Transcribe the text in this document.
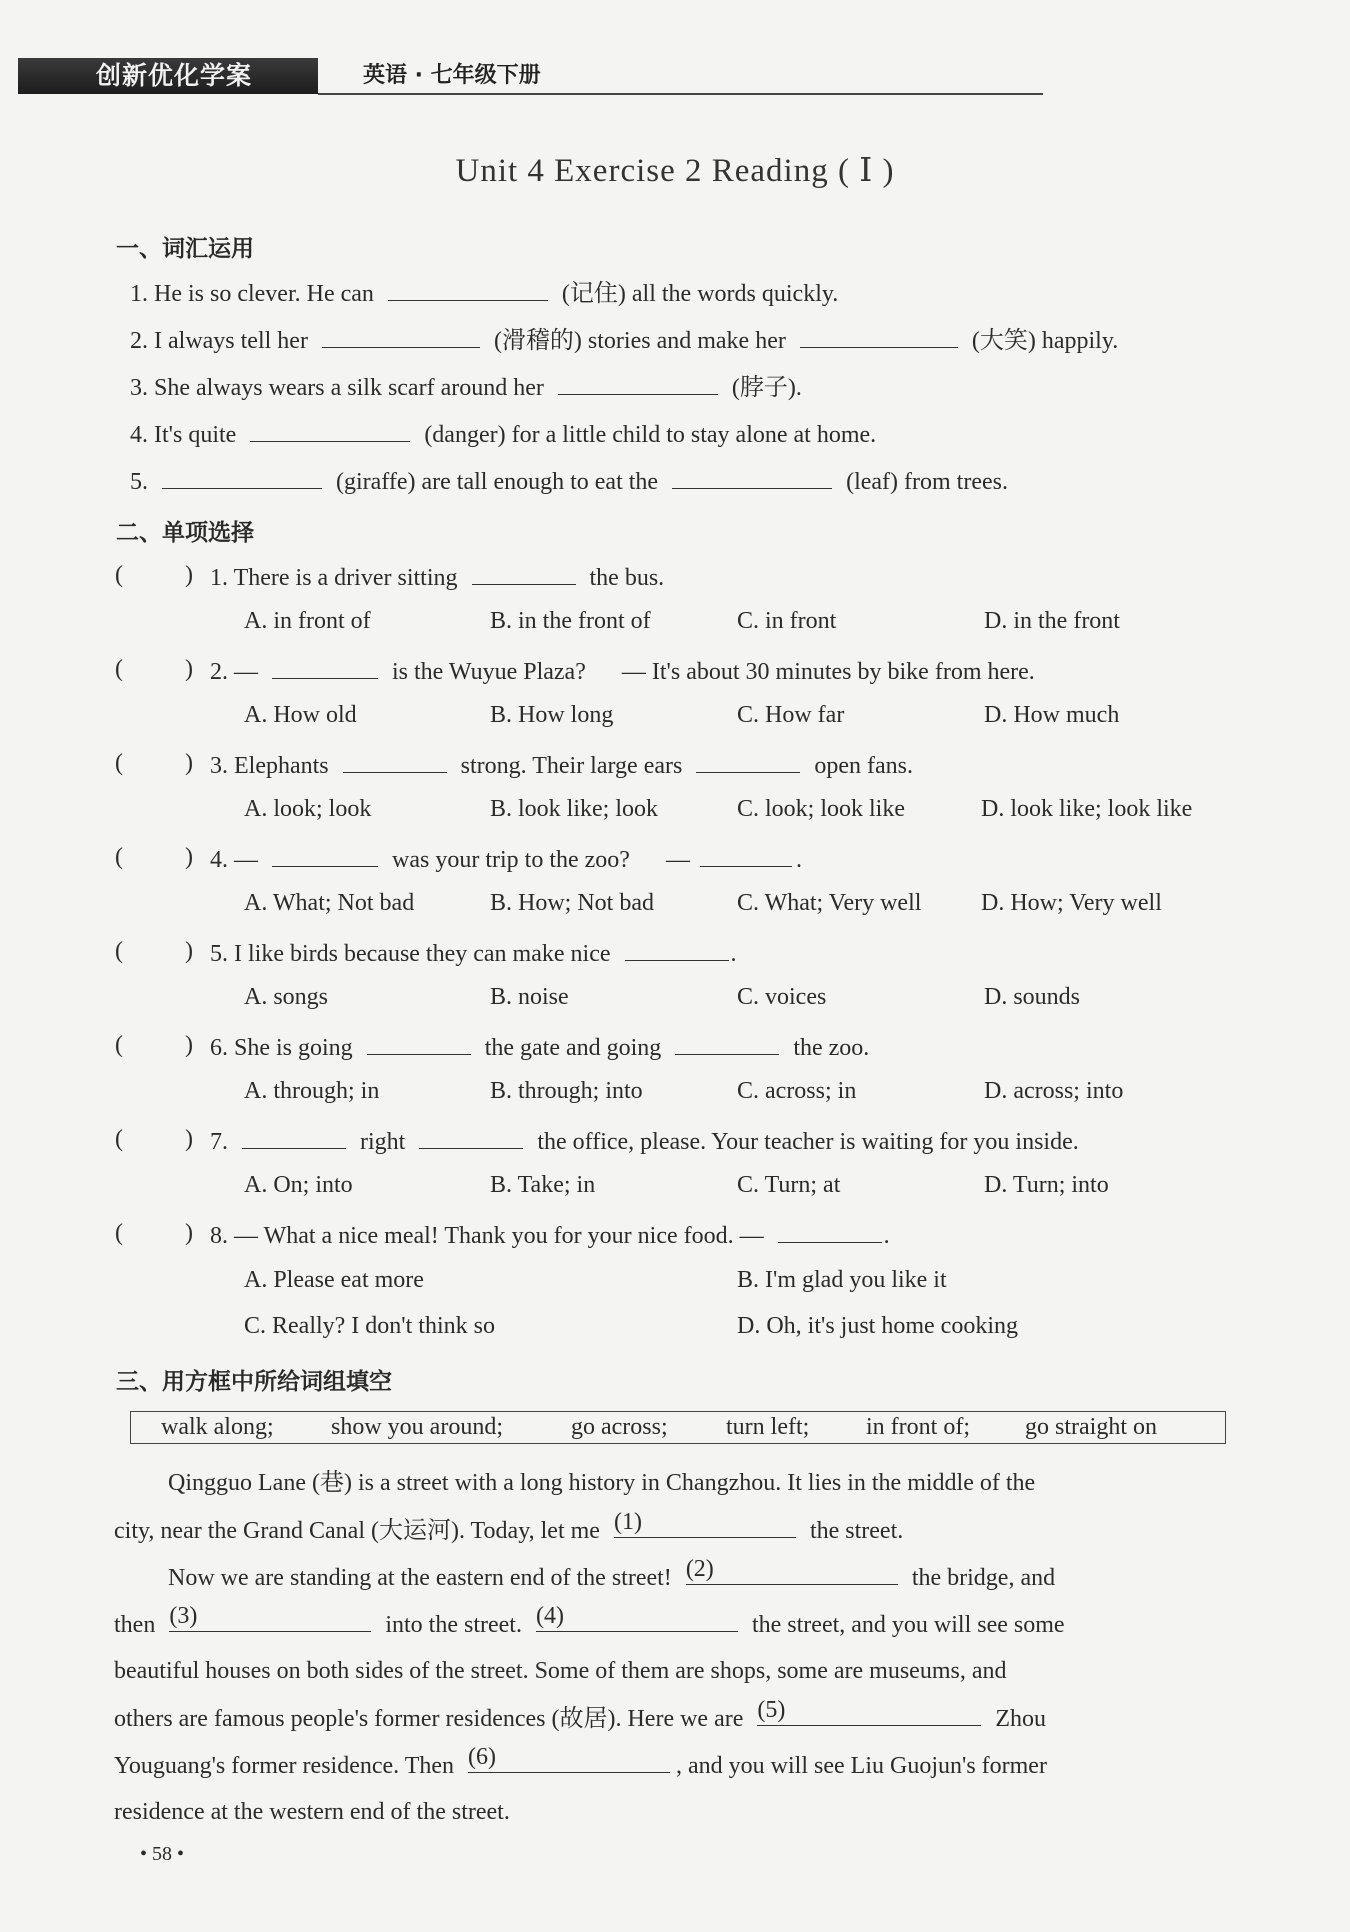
创新优化学案	英语 · 七年级下册
Unit 4 Exercise 2 Reading ( Ⅰ )
一、词汇运用
1. He is so clever. He can	(记住) all the words quickly.
2. I always tell her	(滑稽的) stories and make her	(大笑) happily.
3. She always wears a silk scarf around her	(脖子).
4. It's quite	(danger) for a little child to stay alone at home.
5.	(giraffe) are tall enough to eat the	(leaf) from trees.
二、单项选择
(	) 1. There is a driver sitting	the bus.
A. in front of	B. in the front of	C. in front	D. in the front
(	) 2. —	is the Wuyue Plaza? — It's about 30 minutes by bike from here.
A. How old	B. How long	C. How far	D. How much
(	) 3. Elephants	strong. Their large ears	open fans.
A. look; look	B. look like; look	C. look; look like	D. look like; look like
(	) 4. —	was your trip to the zoo? —	.
A. What; Not bad	B. How; Not bad	C. What; Very well D. How; Very well
(	) 5. I like birds because they can make nice	.
A. songs	B. noise	C. voices	D. sounds
(	) 6. She is going	the gate and going	the zoo.
A. through; in	B. through; into	C. across; in	D. across; into
(	) 7.	right	the office, please. Your teacher is waiting for you inside.
A. On; into	B. Take; in	C. Turn; at	D. Turn; into
(	) 8. — What a nice meal! Thank you for your nice food. —	.
A. Please eat more	B. I'm glad you like it
C. Really? I don't think so	D. Oh, it's just home cooking
三、用方框中所给词组填空
walk along; show you around;	go across; turn left; in front of; go straight on
Qingguo Lane (巷) is a street with a long history in Changzhou. It lies in the middle of the
city, near the Grand Canal (大运河). Today, let me (1)	the street.
Now we are standing at the eastern end of the street! (2)	the bridge, and
then (3)	into the street. (4)	the street, and you will see some
beautiful houses on both sides of the street. Some of them are shops, some are museums, and
others are famous people's former residences (故居). Here we are (5)	Zhou
Youguang's former residence. Then (6)	, and you will see Liu Guojun's former
residence at the western end of the street.
• 58 •
